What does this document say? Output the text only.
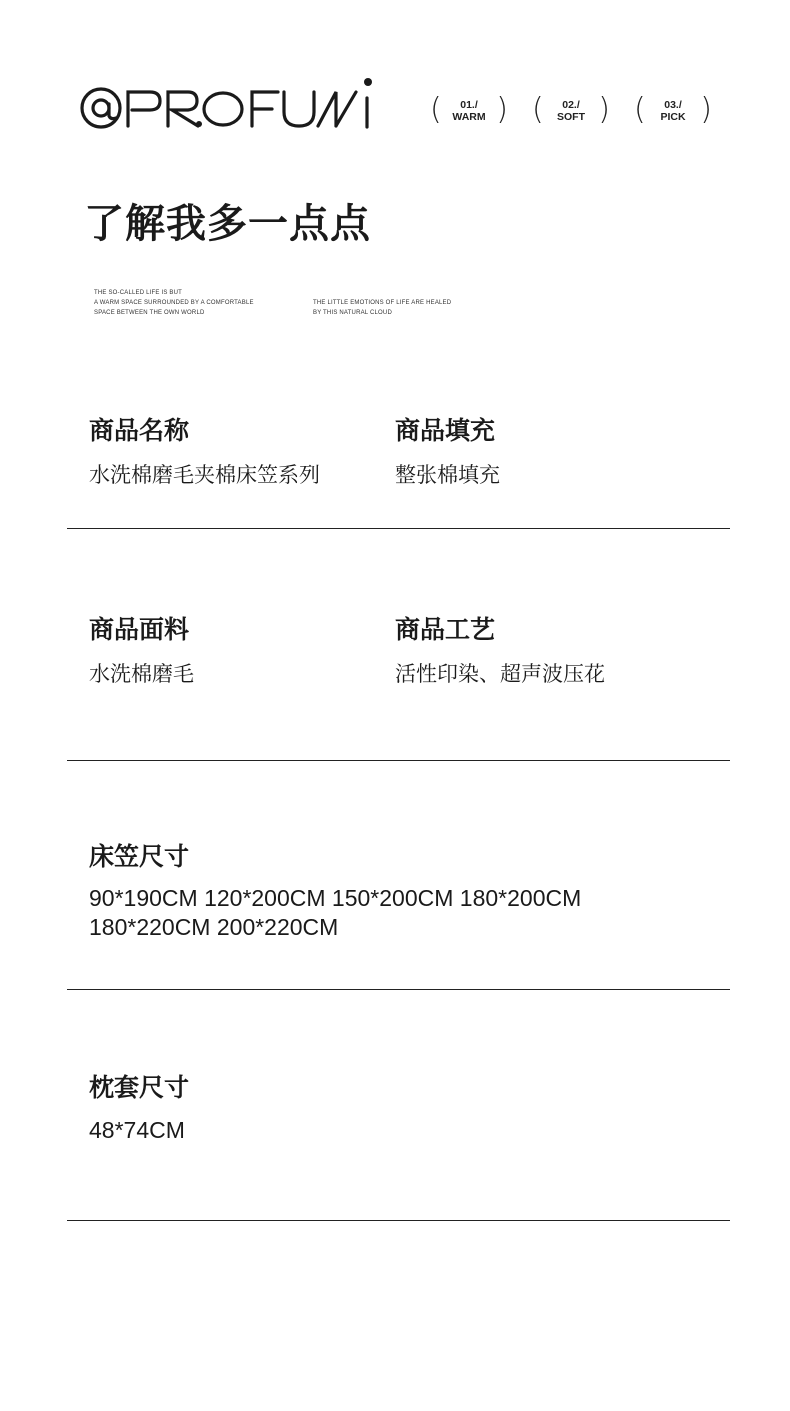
(	01./
WARM ) (	02./
SOFT ) (	03./
PICK )
了解我多一点点
THE SO-CALLED LIFE IS BUT
A WARM SPACE SURROUNDED BY A COMFORTABLE
SPACE BETWEEN THE OWN WORLD
THE LITTLE EMOTIONS OF LIFE ARE HEALED
BY THIS NATURAL CLOUD
商品名称
水洗棉磨毛夹棉床笠系列
商品填充
整张棉填充
商品面料
水洗棉磨毛
商品工艺
活性印染、超声波压花
床笠尺寸
90*190CM 120*200CM 150*200CM 180*200CM
180*220CM 200*220CM
枕套尺寸
48*74CM
